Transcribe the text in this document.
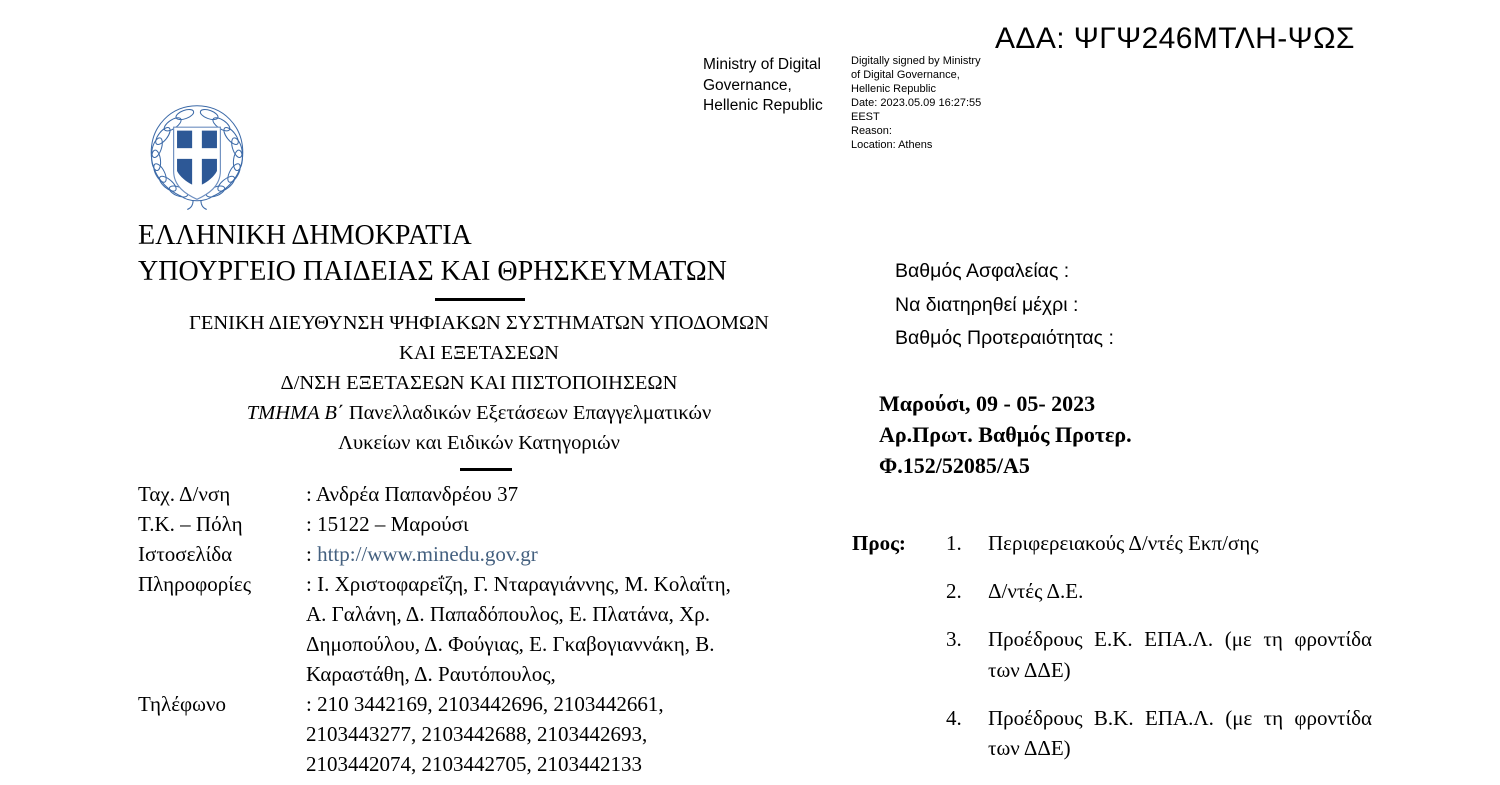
ΑΔΑ: ΨΓΨ246ΜΤΛΗ-ΨΩΣ
Ministry of Digital
Governance,
Hellenic Republic
Digitally signed by Ministry
of Digital Governance,
Hellenic Republic
Date: 2023.05.09 16:27:55
EEST
Reason:
Location: Athens
ΕΛΛΗΝΙΚΗ ΔΗΜΟΚΡΑΤΙΑ
ΥΠΟΥΡΓΕΙΟ ΠΑΙΔΕΙΑΣ ΚΑΙ ΘΡΗΣΚΕΥΜΑΤΩΝ
ΓΕΝΙΚΗ ΔΙΕΥΘΥΝΣΗ ΨΗΦΙΑΚΩΝ ΣΥΣΤΗΜΑΤΩΝ ΥΠΟΔΟΜΩΝ
ΚΑΙ ΕΞΕΤΑΣΕΩΝ
Δ/ΝΣΗ ΕΞΕΤΑΣΕΩΝ ΚΑΙ ΠΙΣΤΟΠΟΙΗΣΕΩΝ
ΤΜΗΜΑ Β΄ Πανελλαδικών Εξετάσεων Επαγγελματικών
Λυκείων και Ειδικών Κατηγοριών
Ταχ. Δ/νση	: Ανδρέα Παπανδρέου 37
Τ.Κ. – Πόλη	: 15122 – Μαρούσι
Ιστοσελίδα	: http://www.minedu.gov.gr
Πληροφορίες	: Ι. Χριστοφαρεΐζη, Γ. Νταραγιάννης, Μ. Κολαΐτη,
Α. Γαλάνη, Δ. Παπαδόπουλος, Ε. Πλατάνα, Χρ.
Δημοπούλου, Δ. Φούγιας, Ε. Γκαβογιαννάκη, Β.
Καραστάθη, Δ. Ραυτόπουλος,
Τηλέφωνο	: 210 3442169, 2103442696, 2103442661,
2103443277, 2103442688, 2103442693,
2103442074, 2103442705, 2103442133
Βαθμός Ασφαλείας :
Να διατηρηθεί μέχρι :
Βαθμός Προτεραιότητας :
Μαρούσι, 09 - 05- 2023
Αρ.Πρωτ. Βαθμός Προτερ.
Φ.152/52085/Α5
Προς: 1.	Περιφερειακούς Δ/ντές Εκπ/σης
2.	Δ/ντές Δ.Ε.
3.	Προέδρους Ε.Κ. ΕΠΑ.Λ. (με τη φροντίδα των ΔΔΕ)
4.	Προέδρους Β.Κ. ΕΠΑ.Λ. (με τη φροντίδα των ΔΔΕ)
